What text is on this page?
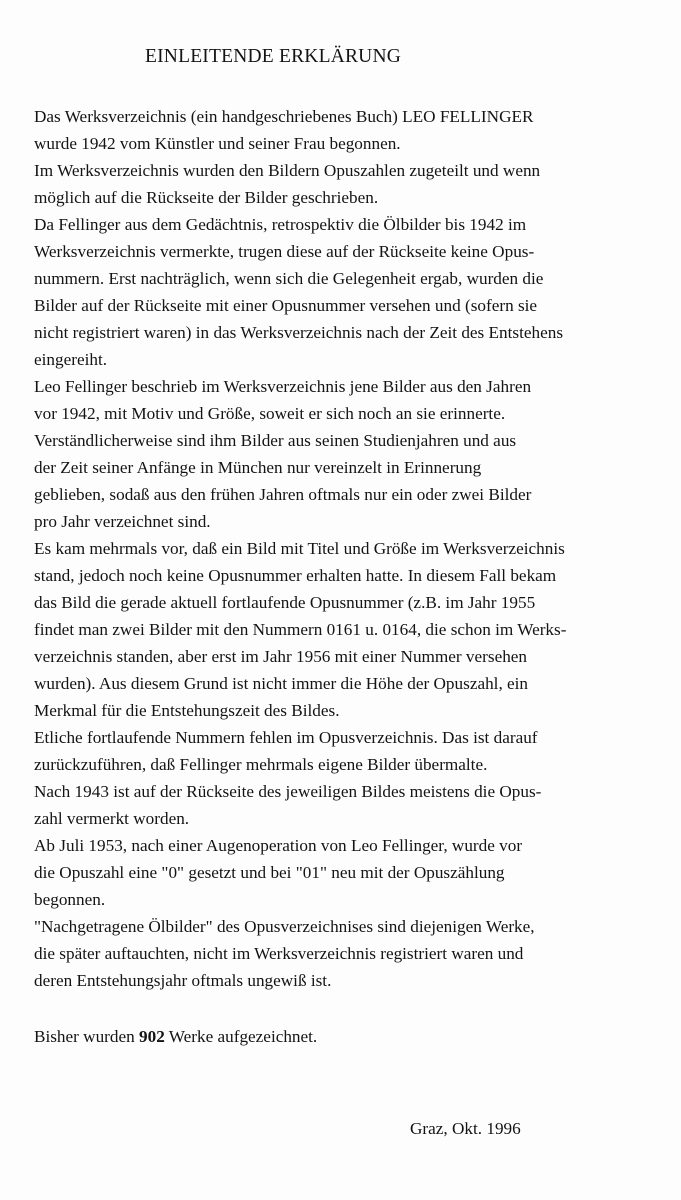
EINLEITENDE ERKLÄRUNG
Das Werksverzeichnis (ein handgeschriebenes Buch) LEO FELLINGER
wurde 1942 vom Künstler und seiner Frau begonnen.
Im Werksverzeichnis wurden den Bildern Opuszahlen zugeteilt und wenn
möglich auf die Rückseite der Bilder geschrieben.
Da Fellinger aus dem Gedächtnis, retrospektiv die Ölbilder bis 1942 im
Werksverzeichnis vermerkte, trugen diese auf der Rückseite keine Opus-
nummern. Erst nachträglich, wenn sich die Gelegenheit ergab, wurden die
Bilder auf der Rückseite mit einer Opusnummer versehen und (sofern sie
nicht registriert waren) in das Werksverzeichnis nach der Zeit des Entstehens
eingereiht.
Leo Fellinger beschrieb im Werksverzeichnis jene Bilder aus den Jahren
vor 1942, mit Motiv und Größe, soweit er sich noch an sie erinnerte.
Verständlicherweise sind ihm Bilder aus seinen Studienjahren und aus
der Zeit seiner Anfänge in München nur vereinzelt in Erinnerung
geblieben, sodaß aus den frühen Jahren oftmals nur ein oder zwei Bilder
pro Jahr verzeichnet sind.
Es kam mehrmals vor, daß ein Bild mit Titel und Größe im Werksverzeichnis
stand, jedoch noch keine Opusnummer erhalten hatte. In diesem Fall bekam
das Bild die gerade aktuell fortlaufende Opusnummer (z.B. im Jahr 1955
findet man zwei Bilder mit den Nummern 0161 u. 0164, die schon im Werks-
verzeichnis standen, aber erst im Jahr 1956 mit einer Nummer versehen
wurden). Aus diesem Grund ist nicht immer die Höhe der Opuszahl, ein
Merkmal für die Entstehungszeit des Bildes.
Etliche fortlaufende Nummern fehlen im Opusverzeichnis. Das ist darauf
zurückzuführen, daß Fellinger mehrmals eigene Bilder übermalte.
Nach 1943 ist auf der Rückseite des jeweiligen Bildes meistens die Opus-
zahl vermerkt worden.
Ab Juli 1953, nach einer Augenoperation von Leo Fellinger, wurde vor
die Opuszahl eine "0" gesetzt und bei "01" neu mit der Opuszählung
begonnen.
"Nachgetragene Ölbilder" des Opusverzeichnises sind diejenigen Werke,
die später auftauchten, nicht im Werksverzeichnis registriert waren und
deren Entstehungsjahr oftmals ungewiß ist.
Bisher wurden 902 Werke aufgezeichnet.
Graz, Okt. 1996
